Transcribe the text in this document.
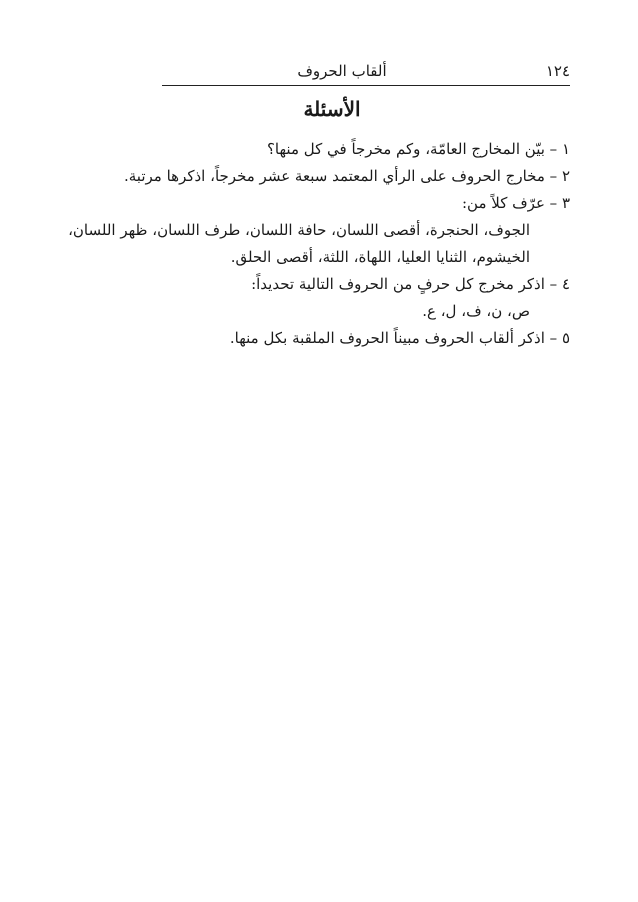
١٢٤
ألقاب الحروف
الأسئلة
١ – بيّن المخارج العامّة، وكم مخرجاً في كل منها؟
٢ – مخارج الحروف على الرأي المعتمد سبعة عشر مخرجاً، اذكرها مرتبة.
٣ – عرّف كلاً من:
الجوف، الحنجرة، أقصى اللسان، حافة اللسان، طرف اللسان، ظهر اللسان،
الخيشوم، الثنايا العليا، اللهاة، اللثة، أقصى الحلق.
٤ – اذكر مخرج كل حرفٍ من الحروف التالية تحديداً:
ص، ن، ف، ل، ع.
٥ – اذكر ألقاب الحروف مبيناً الحروف الملقبة بكل منها.
